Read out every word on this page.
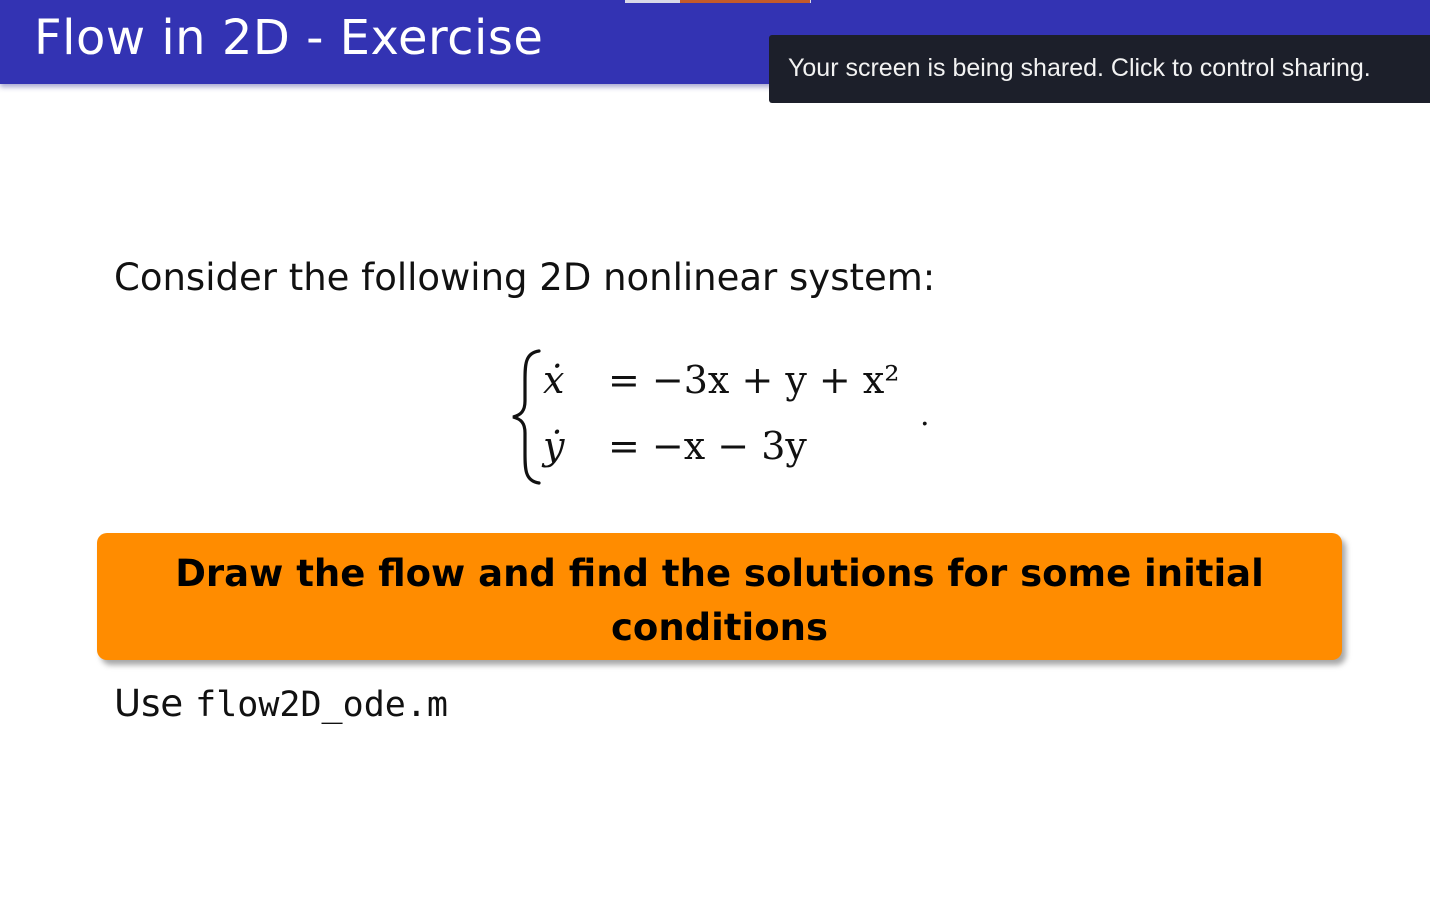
Flow in 2D - Exercise
Your screen is being shared. Click to control sharing.
Consider the following 2D nonlinear system:
ẋ = −3x + y + x²
ẏ = −x − 3y
.
Draw the flow and find the solutions for some initial conditions
Use flow2D_ode.m
